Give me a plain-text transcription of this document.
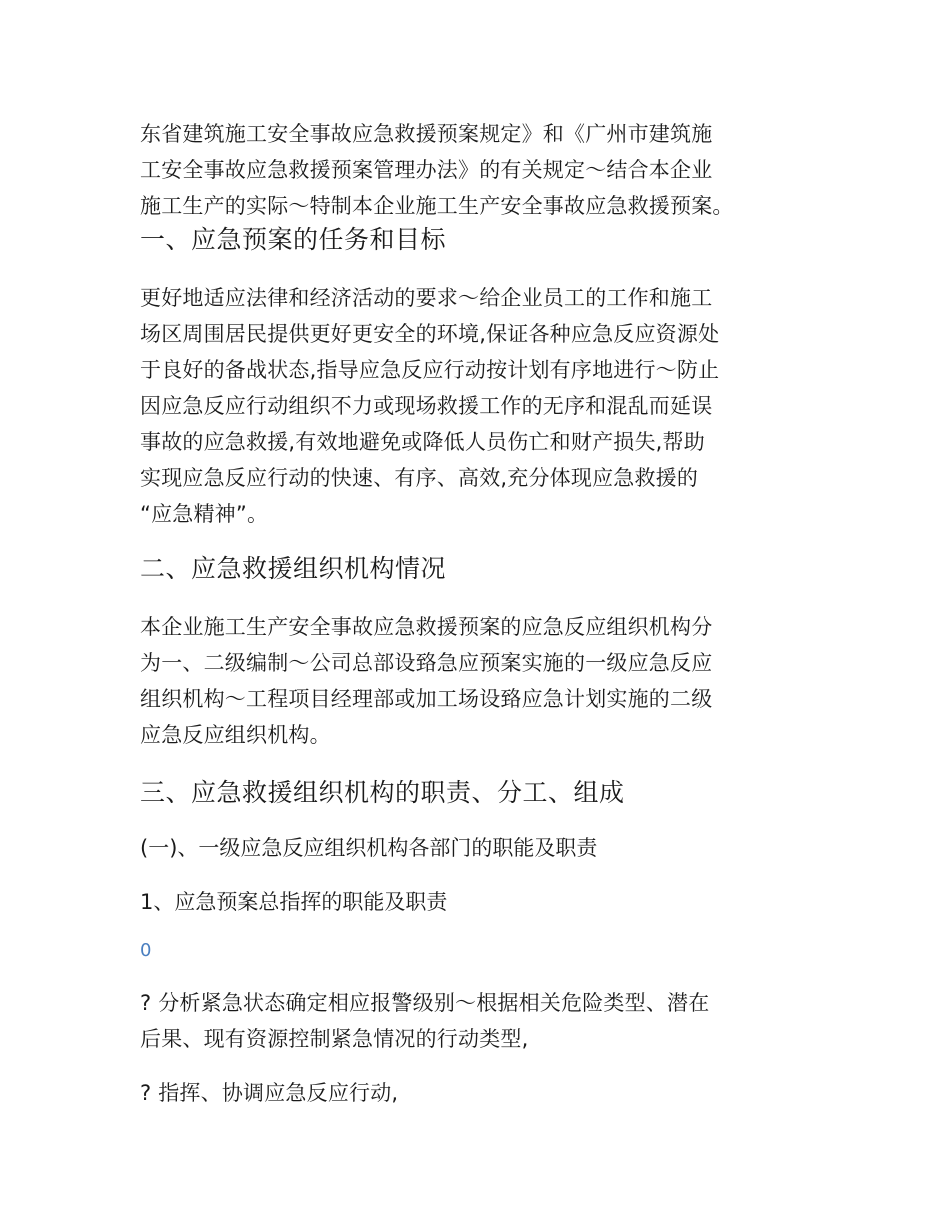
东省建筑施工安全事故应急救援预案规定》和《广州市建筑施
工安全事故应急救援预案管理办法》的有关规定～结合本企业
施工生产的实际～特制本企业施工生产安全事故应急救援预案。
一、应急预案的任务和目标
更好地适应法律和经济活动的要求～给企业员工的工作和施工
场区周围居民提供更好更安全的环境,保证各种应急反应资源处
于良好的备战状态,指导应急反应行动按计划有序地进行～防止
因应急反应行动组织不力或现场救援工作的无序和混乱而延误
事故的应急救援,有效地避免或降低人员伤亡和财产损失,帮助
实现应急反应行动的快速、有序、高效,充分体现应急救援的
“应急精神”。
二、应急救援组织机构情况
本企业施工生产安全事故应急救援预案的应急反应组织机构分
为一、二级编制～公司总部设臵急应预案实施的一级应急反应
组织机构～工程项目经理部或加工场设臵应急计划实施的二级
应急反应组织机构。
三、应急救援组织机构的职责、分工、组成
(一)、一级应急反应组织机构各部门的职能及职责
1、应急预案总指挥的职能及职责
0
? 分析紧急状态确定相应报警级别～根据相关危险类型、潜在
后果、现有资源控制紧急情况的行动类型,
? 指挥、协调应急反应行动,
